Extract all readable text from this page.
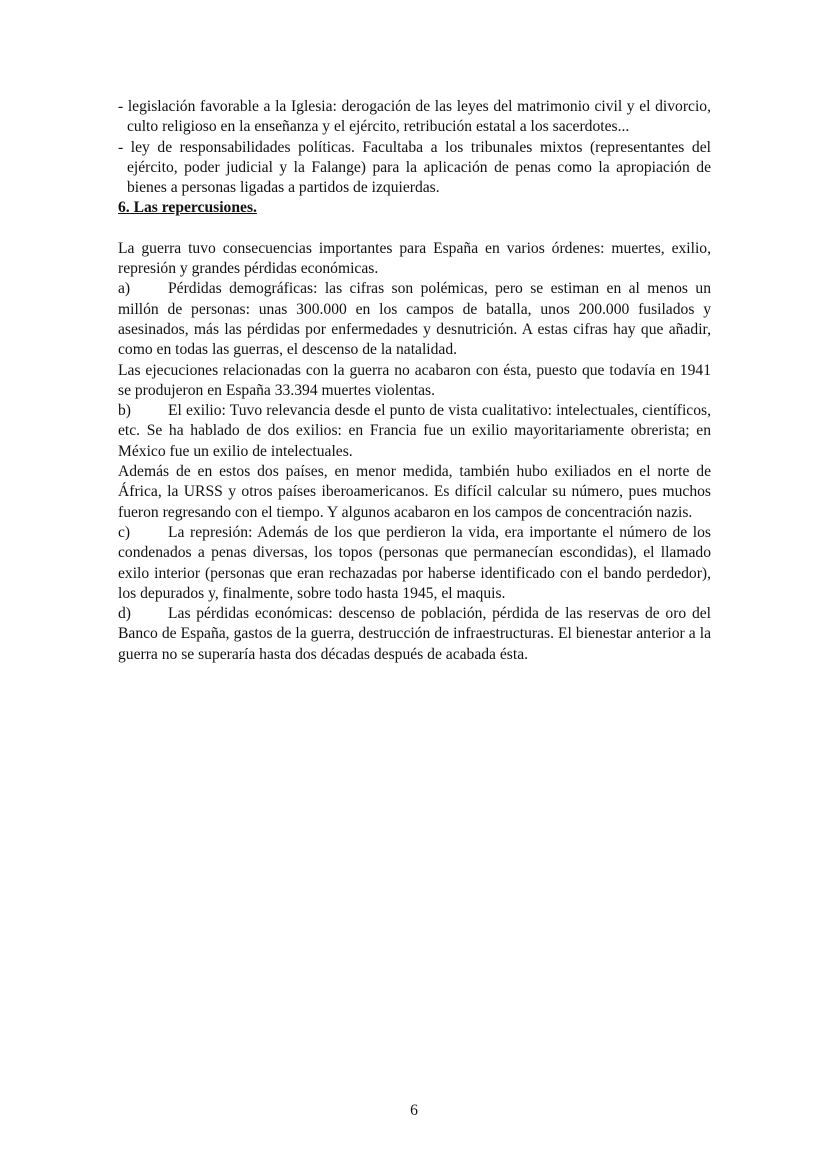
- legislación favorable a la Iglesia: derogación de las leyes del matrimonio civil y el divorcio, culto religioso en la enseñanza y el ejército, retribución estatal a los sacerdotes...
- ley de responsabilidades políticas. Facultaba a los tribunales mixtos (representantes del ejército, poder judicial y la Falange) para la aplicación de penas como la apropiación de bienes a personas ligadas a partidos de izquierdas.
6. Las repercusiones.
La guerra tuvo consecuencias importantes para España en varios órdenes: muertes, exilio, represión y grandes pérdidas económicas.
a) Pérdidas demográficas: las cifras son polémicas, pero se estiman en al menos un millón de personas: unas 300.000 en los campos de batalla, unos 200.000 fusilados y asesinados, más las pérdidas por enfermedades y desnutrición. A estas cifras hay que añadir, como en todas las guerras, el descenso de la natalidad.
Las ejecuciones relacionadas con la guerra no acabaron con ésta, puesto que todavía en 1941 se produjeron en España 33.394 muertes violentas.
b) El exilio: Tuvo relevancia desde el punto de vista cualitativo: intelectuales, científicos, etc. Se ha hablado de dos exilios: en Francia fue un exilio mayoritariamente obrerista; en México fue un exilio de intelectuales.
Además de en estos dos países, en menor medida, también hubo exiliados en el norte de África, la URSS y otros países iberoamericanos. Es difícil calcular su número, pues muchos fueron regresando con el tiempo. Y algunos acabaron en los campos de concentración nazis.
c) La represión: Además de los que perdieron la vida, era importante el número de los condenados a penas diversas, los topos (personas que permanecían escondidas), el llamado exilo interior (personas que eran rechazadas por haberse identificado con el bando perdedor), los depurados y, finalmente, sobre todo hasta 1945, el maquis.
d) Las pérdidas económicas: descenso de población, pérdida de las reservas de oro del Banco de España, gastos de la guerra, destrucción de infraestructuras. El bienestar anterior a la guerra no se superaría hasta dos décadas después de acabada ésta.
6
